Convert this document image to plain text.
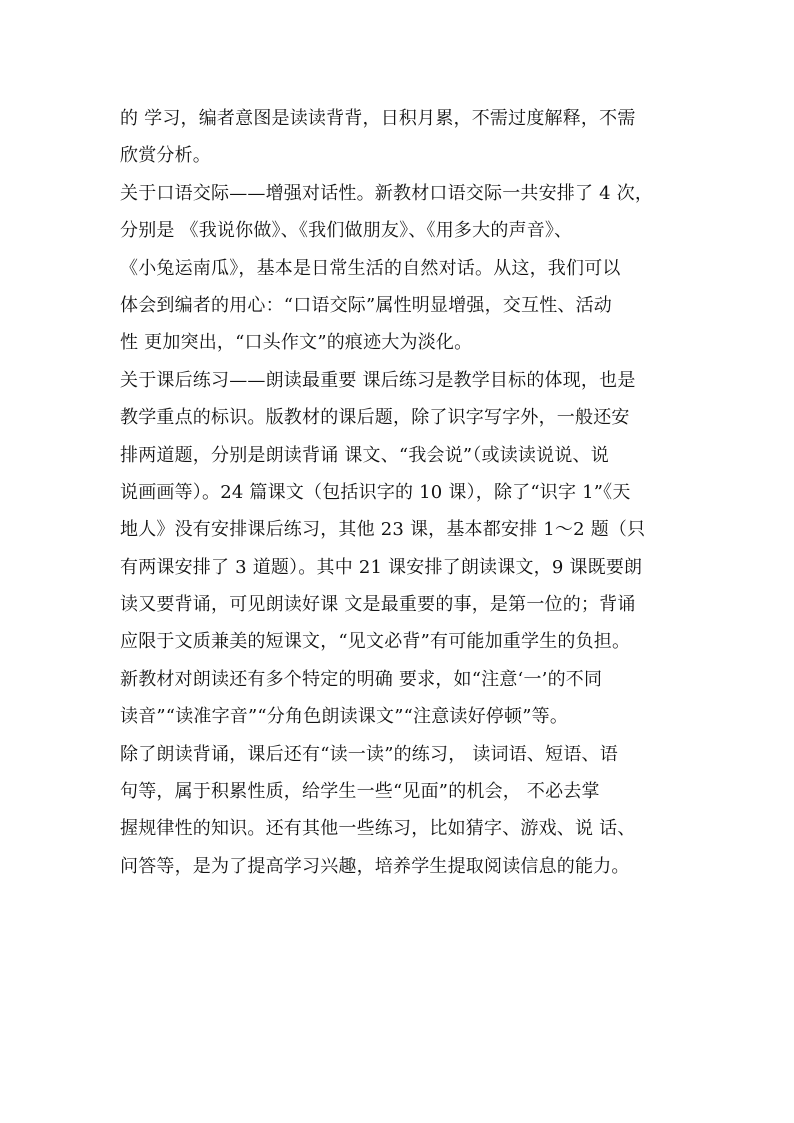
的 学习，编者意图是读读背背，日积月累，不需过度解释，不需
欣赏分析。
关于口语交际——增强对话性。新教材口语交际一共安排了 4 次，
分别是 《我说你做》、《我们做朋友》、《用多大的声音》、
《小兔运南瓜》，基本是日常生活的自然对话。从这，我们可以
体会到编者的用心：“口语交际”属性明显增强，交互性、活动
性 更加突出，“口头作文”的痕迹大为淡化。
关于课后练习——朗读最重要 课后练习是教学目标的体现，也是
教学重点的标识。版教材的课后题，除了识字写字外，一般还安
排两道题，分别是朗读背诵 课文、“我会说”（或读读说说、说
说画画等）。24 篇课文（包括识字的 10 课），除了“识字 1”《天
地人》没有安排课后练习，其他 23 课，基本都安排 1～2 题（只
有两课安排了 3 道题）。其中 21 课安排了朗读课文，9 课既要朗
读又要背诵，可见朗读好课 文是最重要的事，是第一位的；背诵
应限于文质兼美的短课文，“见文必背”有可能加重学生的负担。
新教材对朗读还有多个特定的明确 要求，如“注意‘一’的不同
读音”“读准字音”“分角色朗读课文”“注意读好停顿”等。
除了朗读背诵，课后还有“读一读”的练习， 读词语、短语、语
句等，属于积累性质，给学生一些“见面”的机会， 不必去掌
握规律性的知识。还有其他一些练习，比如猜字、游戏、说 话、
问答等，是为了提高学习兴趣，培养学生提取阅读信息的能力。
